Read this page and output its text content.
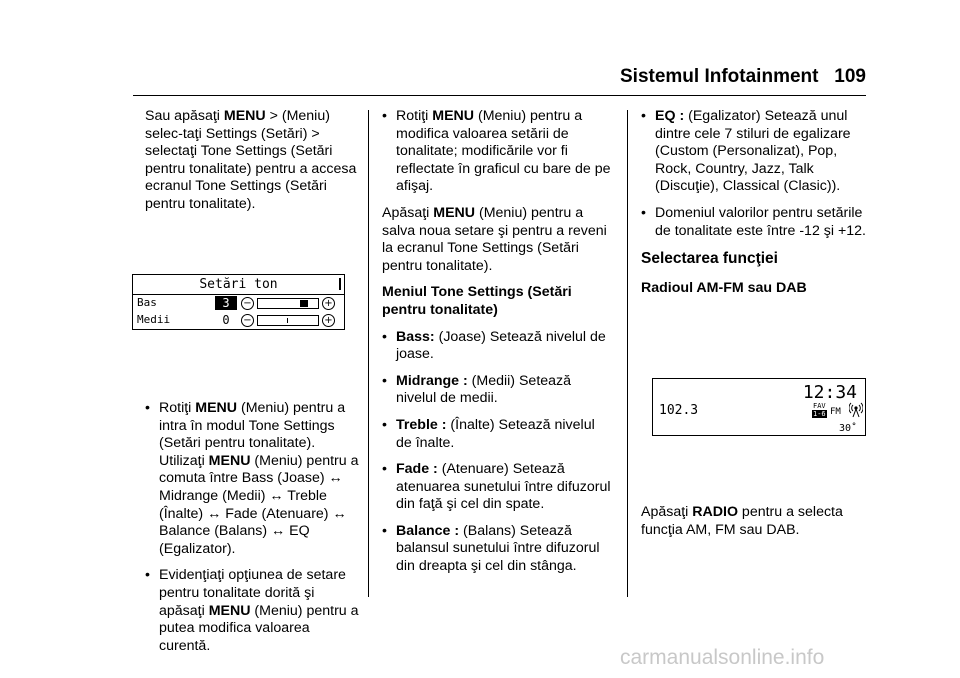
Sistemul Infotainment 109

Sau apăsaţi MENU > (Meniu) selec-taţi Settings (Setări) > selectaţi Tone Settings (Setări pentru tonalitate) pentru a accesa ecranul Tone Settings (Setări pentru tonalitate).

Setări ton
Bas	3	−	+
Medii	0	−	+
• Rotiţi MENU (Meniu) pentru a intra în modul Tone Settings (Setări pentru tonalitate). Utilizaţi MENU (Meniu) pentru a comuta între Bass (Joase) ↔ Midrange (Medii) ↔ Treble (Înalte) ↔ Fade (Atenuare) ↔ Balance (Balans) ↔ EQ (Egalizator).
• Evidenţiaţi opţiunea de setare pentru tonalitate dorită şi apăsaţi MENU (Meniu) pentru a putea modifica valoarea curentă.
• Rotiţi MENU (Meniu) pentru a modifica valoarea setării de tonalitate; modificările vor fi reflectate în graficul cu bare de pe afişaj.

Apăsaţi MENU (Meniu) pentru a salva noua setare şi pentru a reveni la ecranul Tone Settings (Setări pentru tonalitate).

Meniul Tone Settings (Setări pentru tonalitate)
• Bass: (Joase) Setează nivelul de joase.
• Midrange : (Medii) Setează nivelul de medii.
• Treble : (Înalte) Setează nivelul de înalte.
• Fade : (Atenuare) Setează atenuarea sunetului între difuzorul din faţă şi cel din spate.
• Balance : (Balans) Setează balansul sunetului între difuzorul din dreapta şi cel din stânga.
• EQ : (Egalizator) Setează unul dintre cele 7 stiluri de egalizare (Custom (Personalizat), Pop, Rock, Country, Jazz, Talk (Discuţie), Classical (Clasic)).
• Domeniul valorilor pentru setările de tonalitate este între -12 şi +12.
Selectarea funcţiei
Radioul AM-FM sau DAB
12:34
102.3	FAV
1-6 FM
30˚

Apăsaţi RADIO pentru a selecta funcţia AM, FM sau DAB.

carmanualsonline.info
